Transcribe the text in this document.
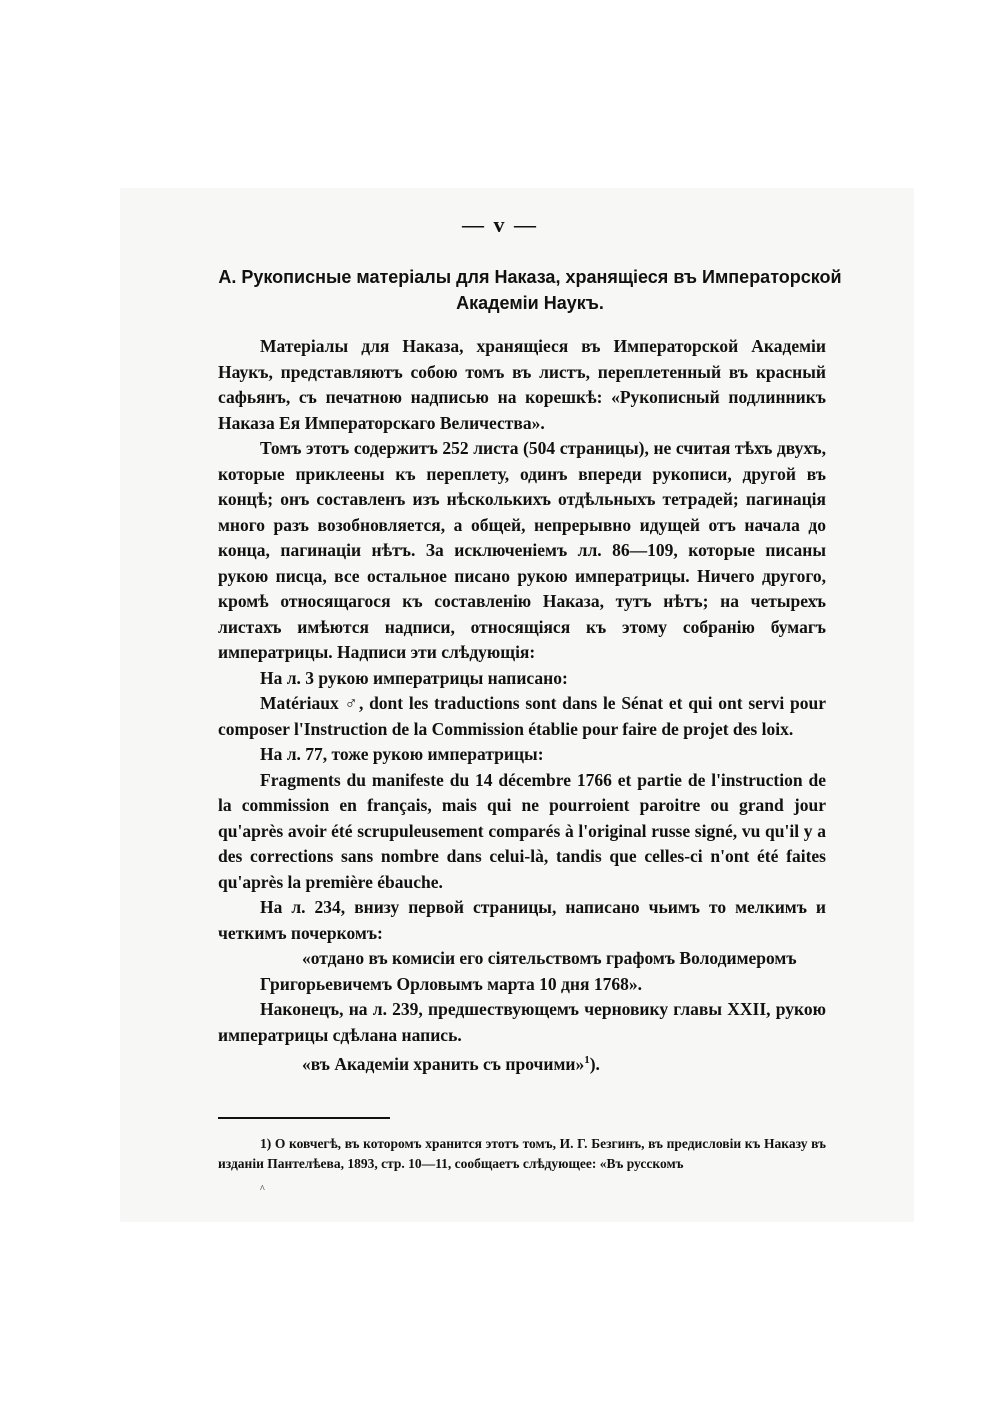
— v —
А. Рукописные матеріалы для Наказа, хранящіеся въ Императорской
Академіи Наукъ.

Матеріалы для Наказа, хранящіеся въ Императорской Академіи Наукъ, представляютъ собою томъ въ листъ, переплетенный въ красный сафьянъ, съ печатною надписью на корешкѣ: «Рукописный подлинникъ Наказа Ея Императорскаго Величества».

Томъ этотъ содержитъ 252 листа (504 страницы), не считая тѣхъ двухъ, которые приклеены къ переплету, одинъ впереди рукописи, другой въ концѣ; онъ составленъ изъ нѣсколькихъ отдѣльныхъ тетрадей; пагинація много разъ возобновляется, а общей, непрерывно идущей отъ начала до конца, пагинаціи нѣтъ. За исключеніемъ лл. 86—109, которые писаны рукою писца, все остальное писано рукою императрицы. Ничего другого, кромѣ относящагося къ составленію Наказа, тутъ нѣтъ; на четырехъ листахъ имѣются надписи, относящіяся къ этому собранію бумагъ императрицы. Надписи эти слѣдующія:

На л. 3 рукою императрицы написано:

Matériaux ♂, dont les traductions sont dans le Sénat et qui ont servi pour composer l'Instruction de la Commission établie pour faire de projet des loix.

На л. 77, тоже рукою императрицы:

Fragments du manifeste du 14 décembre 1766 et partie de l'instruction de la commission en français, mais qui ne pourroient paroitre ou grand jour qu'après avoir été scrupuleusement comparés à l'original russe signé, vu qu'il y a des corrections sans nombre dans celui-là, tandis que celles-ci n'ont été faites qu'après la première ébauche.

На л. 234, внизу первой страницы, написано чьимъ то мелкимъ и четкимъ почеркомъ:

«отдано въ комисіи его сіятельствомъ графомъ Володимеромъ Григорьевичемъ Орловымъ марта 10 дня 1768».

Наконецъ, на л. 239, предшествующемъ черновику главы XXII, рукою императрицы сдѣлана напись.

«въ Академіи хранить съ прочими»$^1$).

1) О ковчегѣ, въ которомъ хранится этотъ томъ, И. Г. Безгинъ, въ предисловіи къ Наказу въ изданіи Пантелѣева, 1893, стр. 10—11, сообщаетъ слѣдующее: «Въ русскомъ
^
